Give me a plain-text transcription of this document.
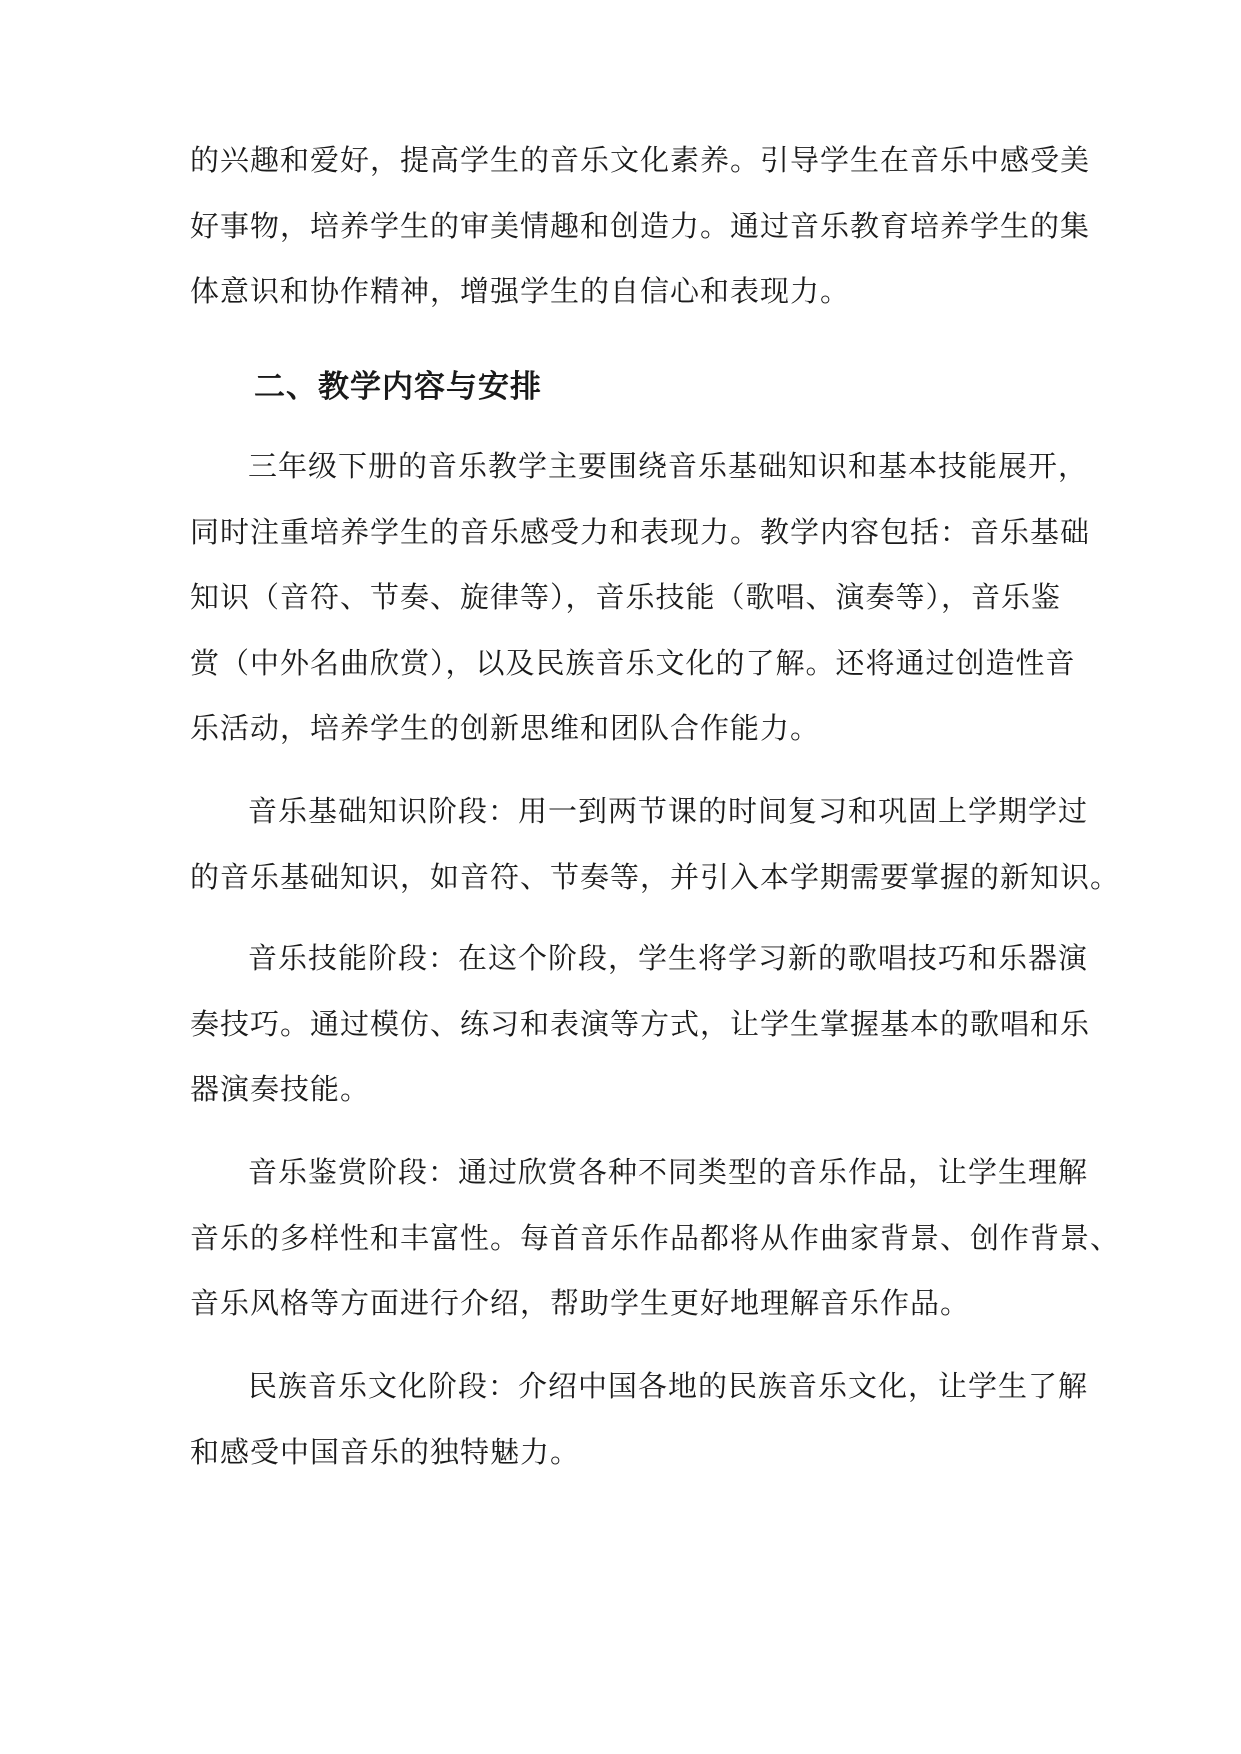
的兴趣和爱好，提高学生的音乐文化素养。引导学生在音乐中感受美
好事物，培养学生的审美情趣和创造力。通过音乐教育培养学生的集
体意识和协作精神，增强学生的自信心和表现力。
二、教学内容与安排
三年级下册的音乐教学主要围绕音乐基础知识和基本技能展开，
同时注重培养学生的音乐感受力和表现力。教学内容包括：音乐基础
知识（音符、节奏、旋律等），音乐技能（歌唱、演奏等），音乐鉴
赏（中外名曲欣赏），以及民族音乐文化的了解。还将通过创造性音
乐活动，培养学生的创新思维和团队合作能力。
音乐基础知识阶段：用一到两节课的时间复习和巩固上学期学过
的音乐基础知识，如音符、节奏等，并引入本学期需要掌握的新知识。
音乐技能阶段：在这个阶段，学生将学习新的歌唱技巧和乐器演
奏技巧。通过模仿、练习和表演等方式，让学生掌握基本的歌唱和乐
器演奏技能。
音乐鉴赏阶段：通过欣赏各种不同类型的音乐作品，让学生理解
音乐的多样性和丰富性。每首音乐作品都将从作曲家背景、创作背景、
音乐风格等方面进行介绍，帮助学生更好地理解音乐作品。
民族音乐文化阶段：介绍中国各地的民族音乐文化，让学生了解
和感受中国音乐的独特魅力。
